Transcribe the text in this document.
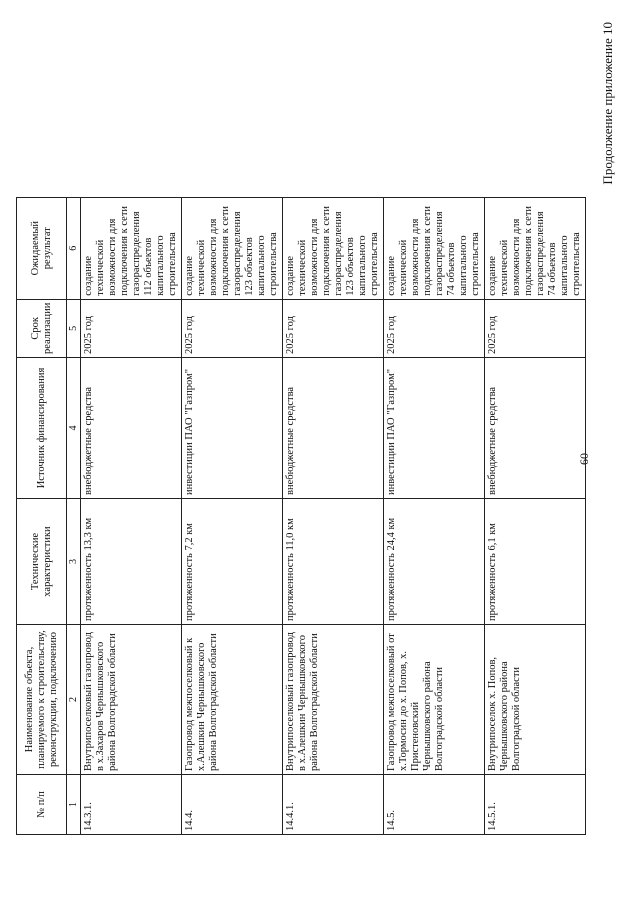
60
Продолжение приложение 10
№ п/п	Наименование объекта, планируемого к строительству, реконструкции, подключению	Технические характеристики	Источник финансирования	Срок реализации	Ожидаемый результат
1	2	3	4	5	6
14.3.1.	Внутрипоселковый газопровод в х.Захаров Чернышковского района Волгоградской области	протяженность 13,3 км	внебюджетные средства	2025 год	создание технической возможности для подключения к сети газораспределения 112 объектов капитального строительства
14.4.	Газопровод межпоселковый к х.Алешкин Чернышковского района Волгоградской области	протяженность 7,2 км	инвестиции ПАО "Газпром"	2025 год	создание технической возможности для подключения к сети газораспределения 123 объектов капитального строительства
14.4.1.	Внутрипоселковый газопровод в х.Алешкин Чернышковского района Волгоградской области	протяженность 11,0 км	внебюджетные средства	2025 год	создание технической возможности для подключения к сети газораспределения 123 объектов капитального строительства
14.5.	Газопровод межпоселковый от х.Тормосин до х. Попов, х. Пристеновский Чернышковского района Волгоградской области	протяженность 24,4 км	инвестиции ПАО "Газпром"	2025 год	создание технической возможности для подключения к сети газораспределения 74 объектов капитального строительства
14.5.1.	Внутрипоселок х. Попов, Чернышковского района Волгоградской области	протяженность 6,1 км	внебюджетные средства	2025 год	создание технической возможности для подключения к сети газораспределения 74 объектов капитального строительства
